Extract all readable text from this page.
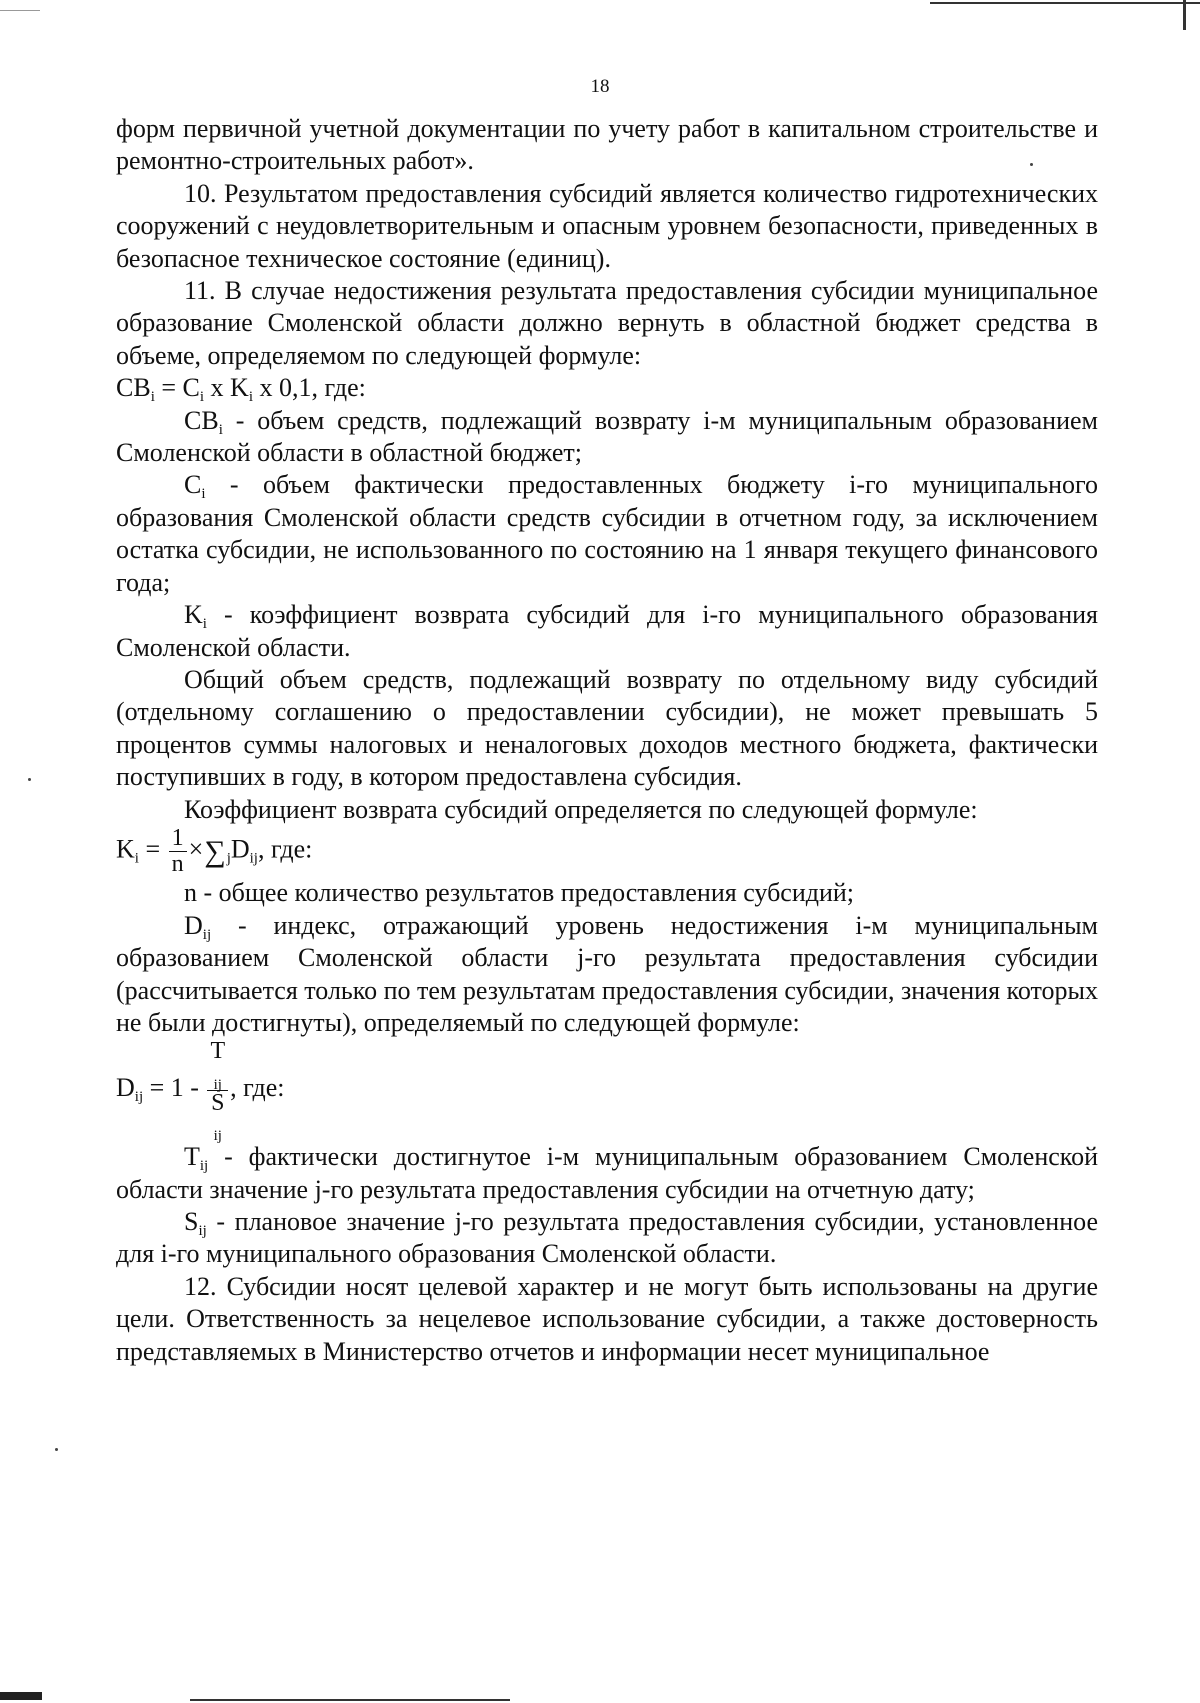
18

форм первичной учетной документации по учету работ в капитальном строительстве и ремонтно-строительных работ».

10. Результатом предоставления субсидий является количество гидротехнических сооружений с неудовлетворительным и опасным уровнем безопасности, приведенных в безопасное техническое состояние (единиц).

11. В случае недостижения результата предоставления субсидии муниципальное образование Смоленской области должно вернуть в областной бюджет средства в объеме, определяемом по следующей формуле:

$CB_i = C_i$ x $K_i$ x 0,1, где:

$CB_i$ - объем средств, подлежащий возврату i-м муниципальным образованием Смоленской области в областной бюджет;

$C_i$ - объем фактически предоставленных бюджету i-го муниципального образования Смоленской области средств субсидии в отчетном году, за исключением остатка субсидии, не использованного по состоянию на 1 января текущего финансового года;

$K_i$ - коэффициент возврата субсидий для i-го муниципального образования Смоленской области.

Общий объем средств, подлежащий возврату по отдельному виду субсидий (отдельному соглашению о предоставлении субсидии), не может превышать 5 процентов суммы налоговых и неналоговых доходов местного бюджета, фактически поступивших в году, в котором предоставлена субсидия.

Коэффициент возврата субсидий определяется по следующей формуле:

$K_i = \frac{1}{n} \times\sum_jD_{ij}$, где:

n - общее количество результатов предоставления субсидий;

$D_{ij}$ - индекс, отражающий уровень недостижения i-м муниципальным образованием Смоленской области j-го результата предоставления субсидии (рассчитывается только по тем результатам предоставления субсидии, значения которых не были достигнуты), определяемый по следующей формуле:

$D_{ij} = 1 - T$
$_{ij}$
S
$_{ij}$ , где:

$T_{ij}$ - фактически достигнутое i-м муниципальным образованием Смоленской области значение j-го результата предоставления субсидии на отчетную дату;

$S_{ij}$ - плановое значение j-го результата предоставления субсидии, установленное для i-го муниципального образования Смоленской области.

12. Субсидии носят целевой характер и не могут быть использованы на другие цели. Ответственность за нецелевое использование субсидии, а также достоверность представляемых в Министерство отчетов и информации несет муниципальное
